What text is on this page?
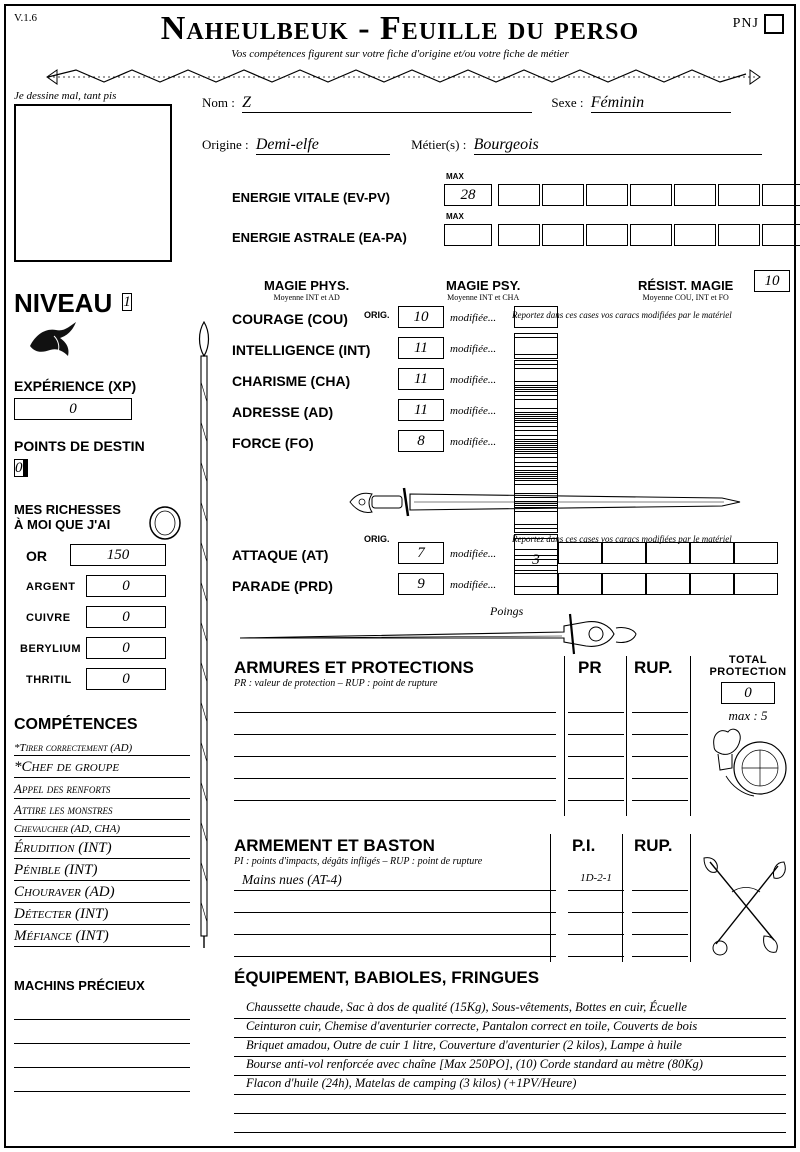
V.1.6	Naheulbeuk - Feuille du perso
Vos compétences figurent sur votre fiche d'origine et/ou votre fiche de métier
PNJ
Je dessine mal, tant pis	Nom : Z	Sexe : Féminin
Origine : Demi-elfe	Métier(s) : Bourgeois
ENERGIE VITALE (EV-PV)
MAX
28
ENERGIE ASTRALE (EA-PA)
MAX
MAGIE PHYS.
Moyenne INT et AD
MAGIE PSY.
Moyenne INT et CHA
RÉSIST. MAGIE
Moyenne COU, INT et FO
10
NIVEAU 1
EXPÉRIENCE (XP)
0
POINTS DE DESTIN
0
MES RICHESSES
À MOI QUE J'AI
OR	150
ARGENT	0
CUIVRE	0
BERYLIUM	0
THRITIL	0
COMPÉTENCES
*Tirer correctement (AD)
*Chef de groupe
Appel des renforts
Attire les monstres
Chevaucher (AD, CHA)
Érudition (INT)
Pénible (INT)
Chouraver (AD)
Détecter (INT)
Méfiance (INT)
MACHINS PRÉCIEUX
ORIG.	Reportez dans ces cases vos caracs modifiées par le matériel
COURAGE (COU)	10	modifiée...
INTELLIGENCE (INT)	11	modifiée...
CHARISME (CHA)	11	modifiée...
ADRESSE (AD)	11	modifiée...
FORCE (FO)	8	modifiée...
ORIG.	Reportez dans ces cases vos caracs modifiées par le matériel
ATTAQUE (AT)	7	modifiée...	3
PARADE (PRD)	9	modifiée...
Poings
ARMURES ET PROTECTIONS
PR : valeur de protection – RUP : point de rupture
PR RUP.	TOTAL
PROTECTION
0
max : 5
ARMEMENT ET BASTON
PI : points d'impacts, dégâts infligés – RUP : point de rupture
P.I. RUP.
Mains nues (AT-4)	1D-2-1
ÉQUIPEMENT, BABIOLES, FRINGUES
Chaussette chaude, Sac à dos de qualité (15Kg), Sous-vêtements, Bottes en cuir, Écuelle
Ceinturon cuir, Chemise d'aventurier correcte, Pantalon correct en toile, Couverts de bois
Briquet amadou, Outre de cuir 1 litre, Couverture d'aventurier (2 kilos), Lampe à huile
Bourse anti-vol renforcée avec chaîne [Max 250PO], (10) Corde standard au mètre (80Kg)
Flacon d'huile (24h), Matelas de camping (3 kilos) (+1PV/Heure)
